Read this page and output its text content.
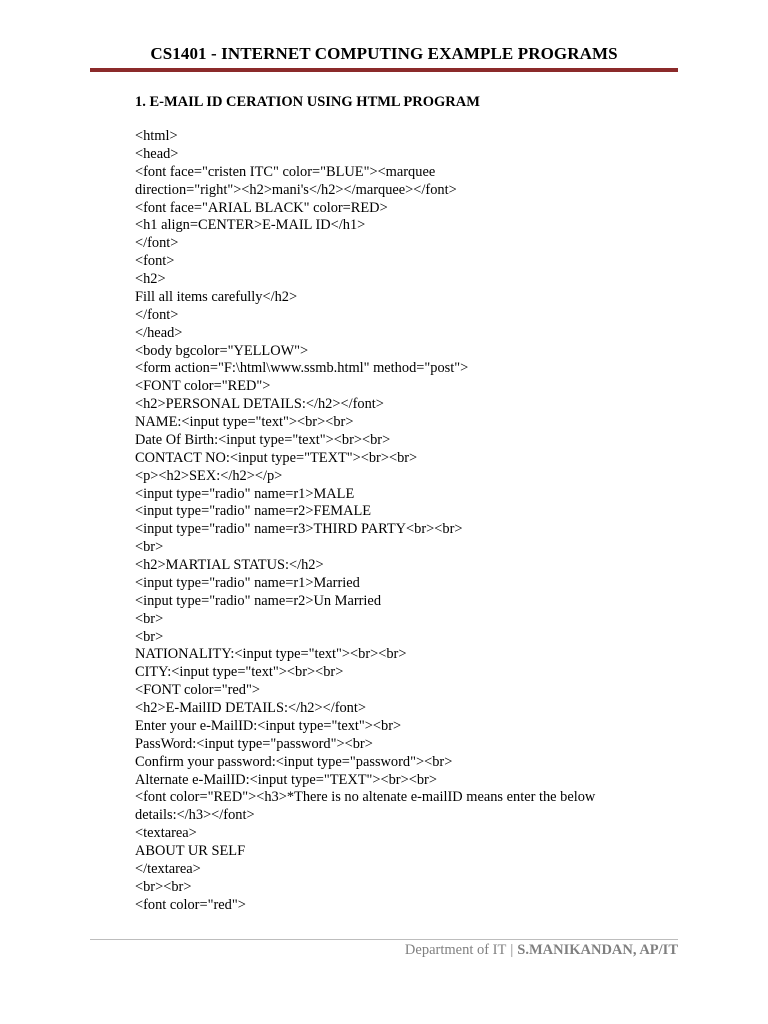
CS1401 - INTERNET COMPUTING EXAMPLE PROGRAMS
1. E-MAIL ID CERATION USING HTML PROGRAM
<html>
<head>
<font face="cristen ITC" color="BLUE"><marquee
direction="right"><h2>mani's</h2></marquee></font>
<font face="ARIAL BLACK" color=RED>
<h1 align=CENTER>E-MAIL ID</h1>
</font>
<font>
<h2>
Fill all items carefully</h2>
</font>
</head>
<body bgcolor="YELLOW">
<form action="F:\html\www.ssmb.html" method="post">
<FONT color="RED">
<h2>PERSONAL DETAILS:</h2></font>
NAME:<input type="text"><br><br>
Date Of Birth:<input type="text"><br><br>
CONTACT NO:<input type="TEXT"><br><br>
<p><h2>SEX:</h2></p>
<input type="radio" name=r1>MALE
<input type="radio" name=r2>FEMALE
<input type="radio" name=r3>THIRD PARTY<br><br>
<br>
<h2>MARTIAL STATUS:</h2>
<input type="radio" name=r1>Married
<input type="radio" name=r2>Un Married
<br>
<br>
NATIONALITY:<input type="text"><br><br>
CITY:<input type="text"><br><br>
<FONT color="red">
<h2>E-MailID DETAILS:</h2></font>
Enter your e-MailID:<input type="text"><br>
PassWord:<input type="password"><br>
Confirm your password:<input type="password"><br>
Alternate e-MailID:<input type="TEXT"><br><br>
<font color="RED"><h3>*There is no altenate e-mailID means enter the below
details:</h3></font>
<textarea>
ABOUT UR SELF
</textarea>
<br><br>
<font color="red">
Department of IT | S.MANIKANDAN, AP/IT
